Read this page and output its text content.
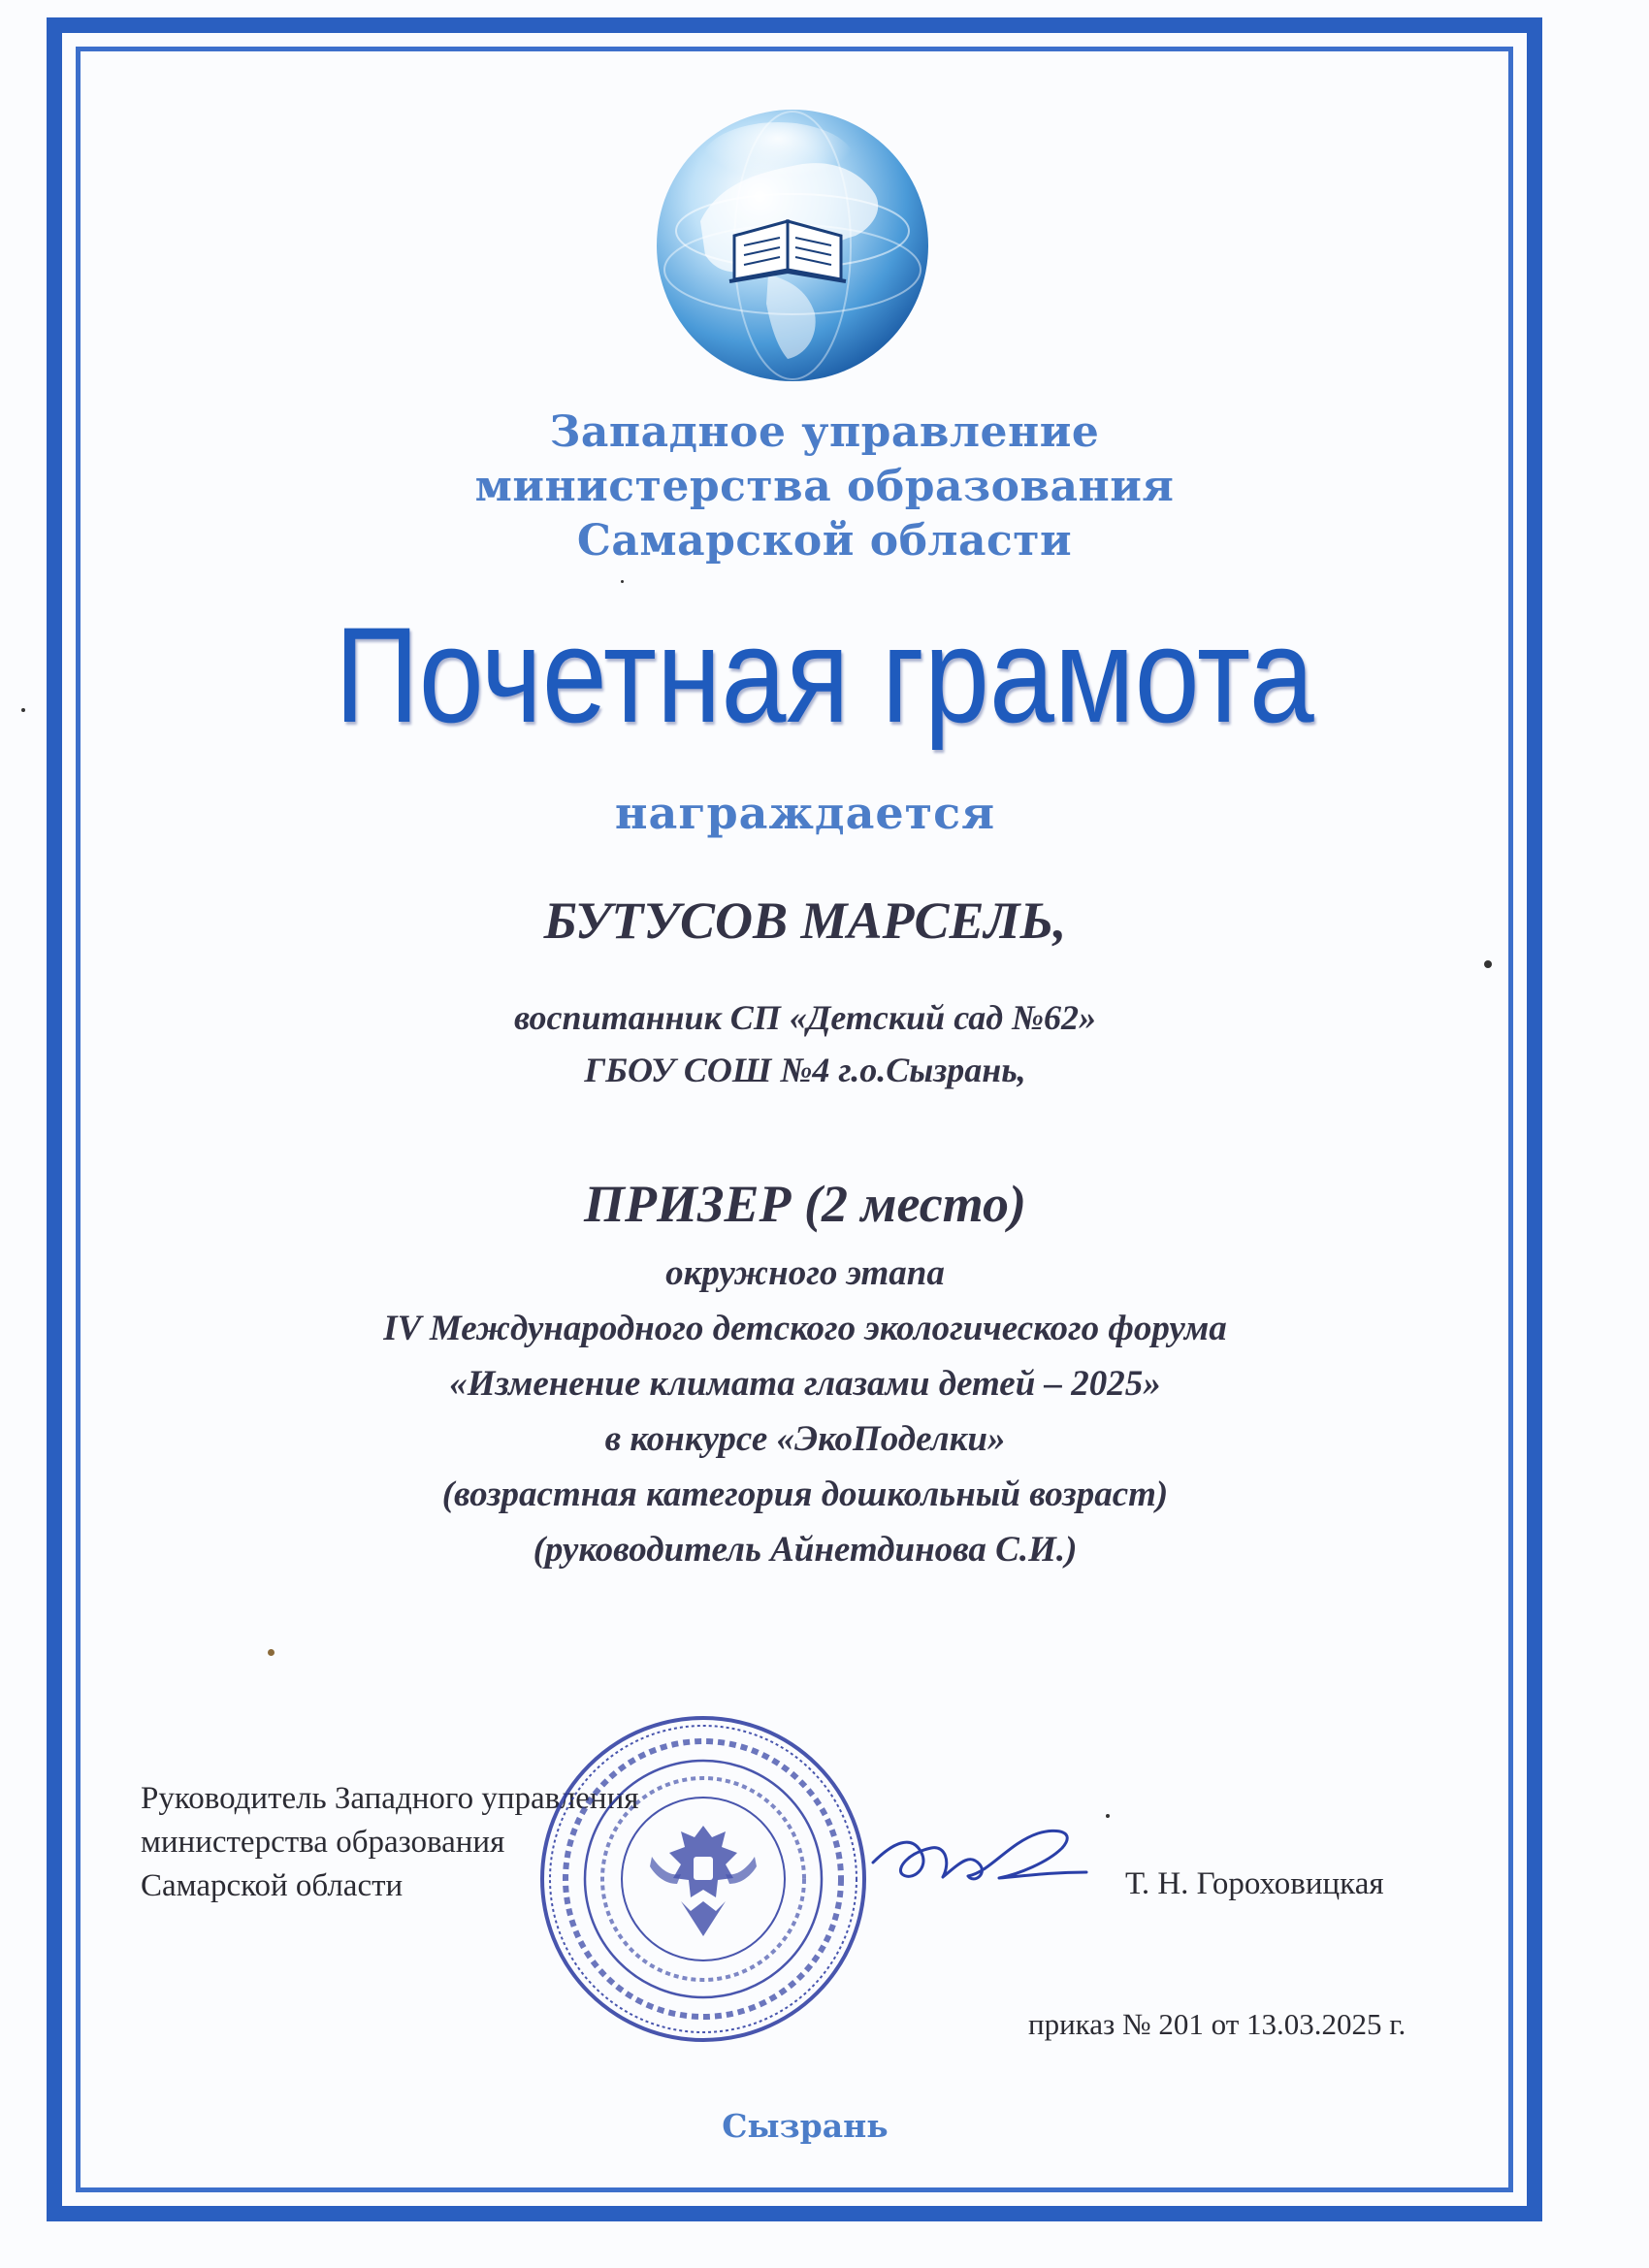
Западное управление
министерства образования
Самарской области
Почетная грамота
награждается
БУТУСОВ МАРСЕЛЬ,
воспитанник СП «Детский сад №62»
ГБОУ СОШ №4 г.о.Сызрань,
ПРИЗЕР (2 место)
окружного этапа
IV Международного детского экологического форума
«Изменение климата глазами детей – 2025»
в конкурсе «ЭкоПоделки»
(возрастная категория дошкольный возраст)
(руководитель Айнетдинова С.И.)
Руководитель Западного управления
министерства образования
Самарской области	Т. Н. Гороховицкая
приказ № 201 от 13.03.2025 г.
Сызрань
